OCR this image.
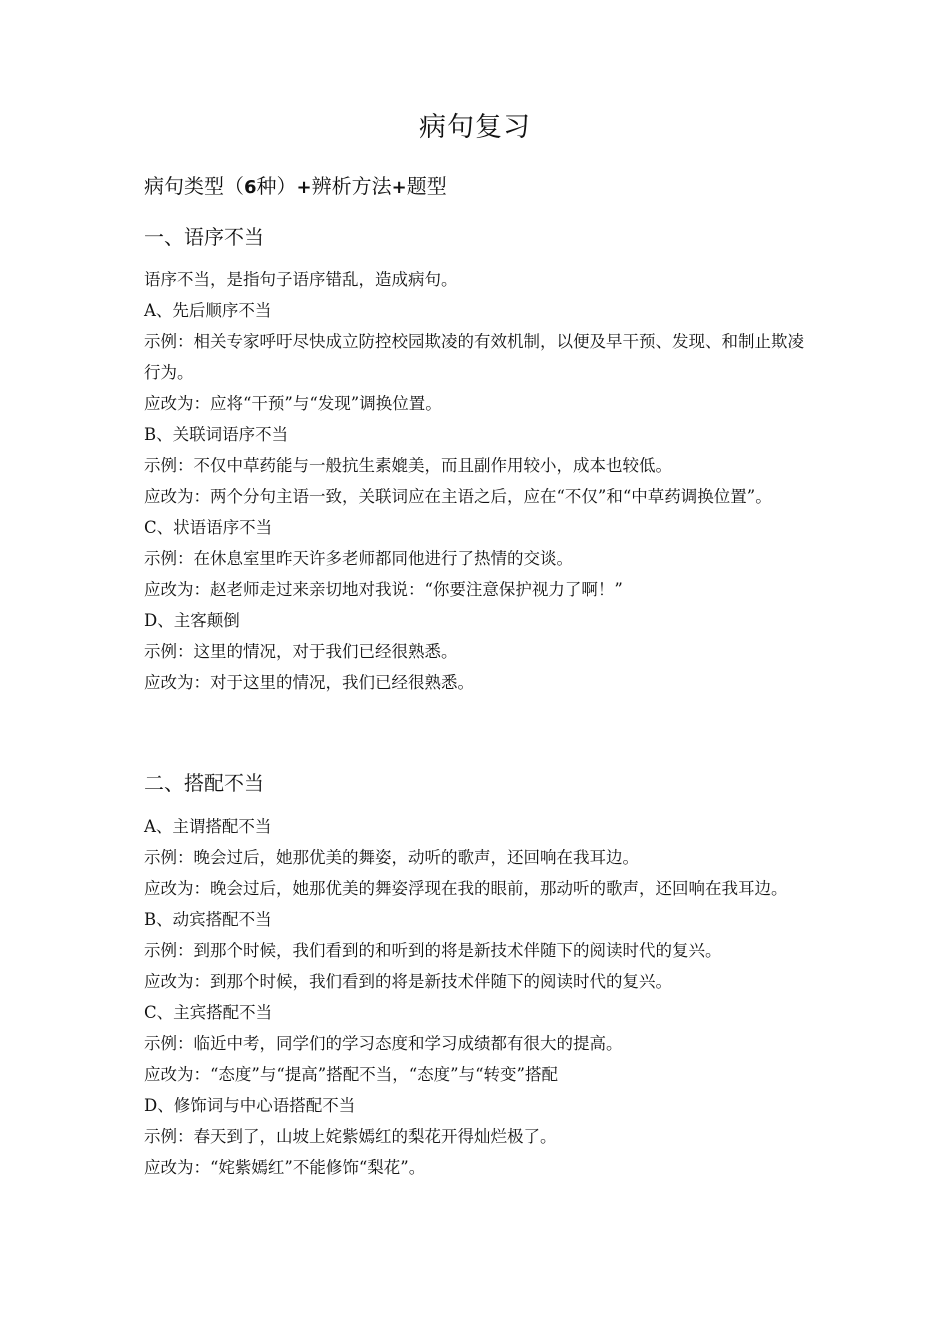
病句复习
病句类型（6种）+辨析方法+题型
一、语序不当

语序不当，是指句子语序错乱，造成病句。

A、先后顺序不当

示例：相关专家呼吁尽快成立防控校园欺凌的有效机制，以便及早干预、发现、和制止欺凌行为。

应改为：应将“干预”与“发现”调换位置。

B、关联词语序不当

示例：不仅中草药能与一般抗生素媲美，而且副作用较小，成本也较低。

应改为：两个分句主语一致，关联词应在主语之后，应在“不仅”和“中草药调换位置”。

C、状语语序不当

示例：在休息室里昨天许多老师都同他进行了热情的交谈。

应改为：赵老师走过来亲切地对我说：“你要注意保护视力了啊！”

D、主客颠倒

示例：这里的情况，对于我们已经很熟悉。

应改为：对于这里的情况，我们已经很熟悉。

二、搭配不当

A、主谓搭配不当

示例：晚会过后，她那优美的舞姿，动听的歌声，还回响在我耳边。

应改为：晚会过后，她那优美的舞姿浮现在我的眼前，那动听的歌声，还回响在我耳边。

B、动宾搭配不当

示例：到那个时候，我们看到的和听到的将是新技术伴随下的阅读时代的复兴。

应改为：到那个时候，我们看到的将是新技术伴随下的阅读时代的复兴。

C、主宾搭配不当

示例：临近中考，同学们的学习态度和学习成绩都有很大的提高。

应改为：“态度”与“提高”搭配不当，“态度”与“转变”搭配

D、修饰词与中心语搭配不当

示例：春天到了，山坡上姹紫嫣红的梨花开得灿烂极了。

应改为：“姹紫嫣红”不能修饰“梨花”。
